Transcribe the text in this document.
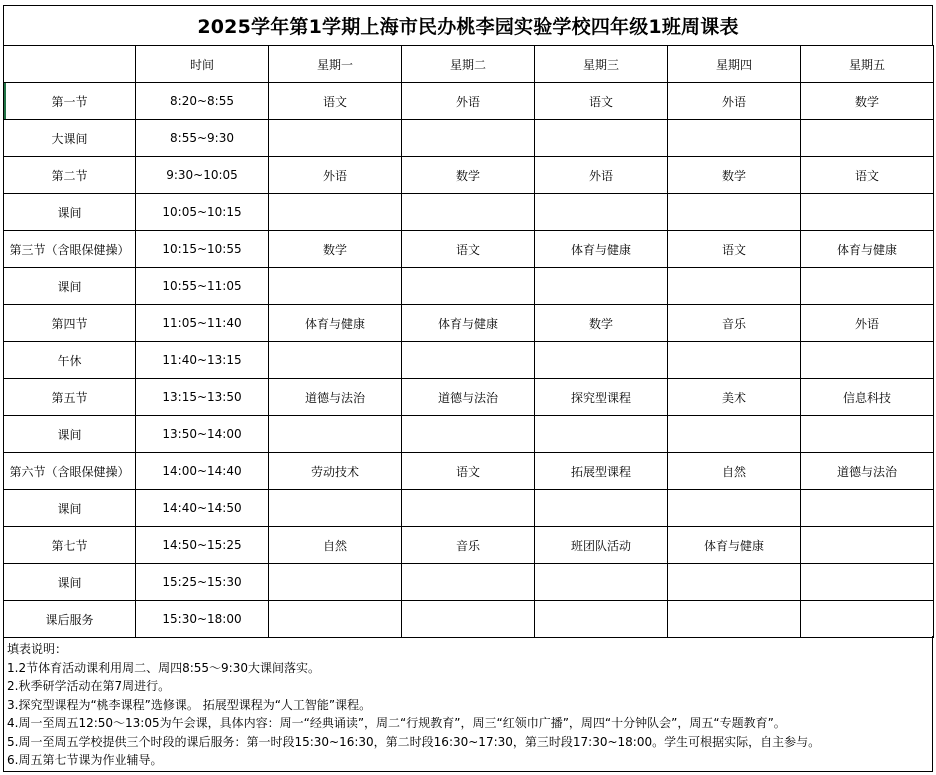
2025学年第1学期上海市民办桃李园实验学校四年级1班周课表
	时间	星期一	星期二	星期三	星期四	星期五
第一节	8:20~8:55	语文	外语	语文	外语	数学
大课间	8:55~9:30					
第二节	9:30~10:05	外语	数学	外语	数学	语文
课间	10:05~10:15					
第三节（含眼保健操）	10:15~10:55	数学	语文	体育与健康	语文	体育与健康
课间	10:55~11:05					
第四节	11:05~11:40	体育与健康	体育与健康	数学	音乐	外语
午休	11:40~13:15					
第五节	13:15~13:50	道德与法治	道德与法治	探究型课程	美术	信息科技
课间	13:50~14:00					
第六节（含眼保健操）	14:00~14:40	劳动技术	语文	拓展型课程	自然	道德与法治
课间	14:40~14:50					
第七节	14:50~15:25	自然	音乐	班团队活动	体育与健康	
课间	15:25~15:30					
课后服务	15:30~18:00					
填表说明：
1.2节体育活动课利用周二、周四8:55～9:30大课间落实。
2.秋季研学活动在第7周进行。
3.探究型课程为“桃李课程”选修课。 拓展型课程为“人工智能”课程。
4.周一至周五12:50～13:05为午会课，具体内容：周一“经典诵读”，周二“行规教育”，周三“红领巾广播”，周四“十分钟队会”，周五“专题教育”。
5.周一至周五学校提供三个时段的课后服务：第一时段15:30~16:30，第二时段16:30~17:30，第三时段17:30~18:00。学生可根据实际，自主参与。
6.周五第七节课为作业辅导。
